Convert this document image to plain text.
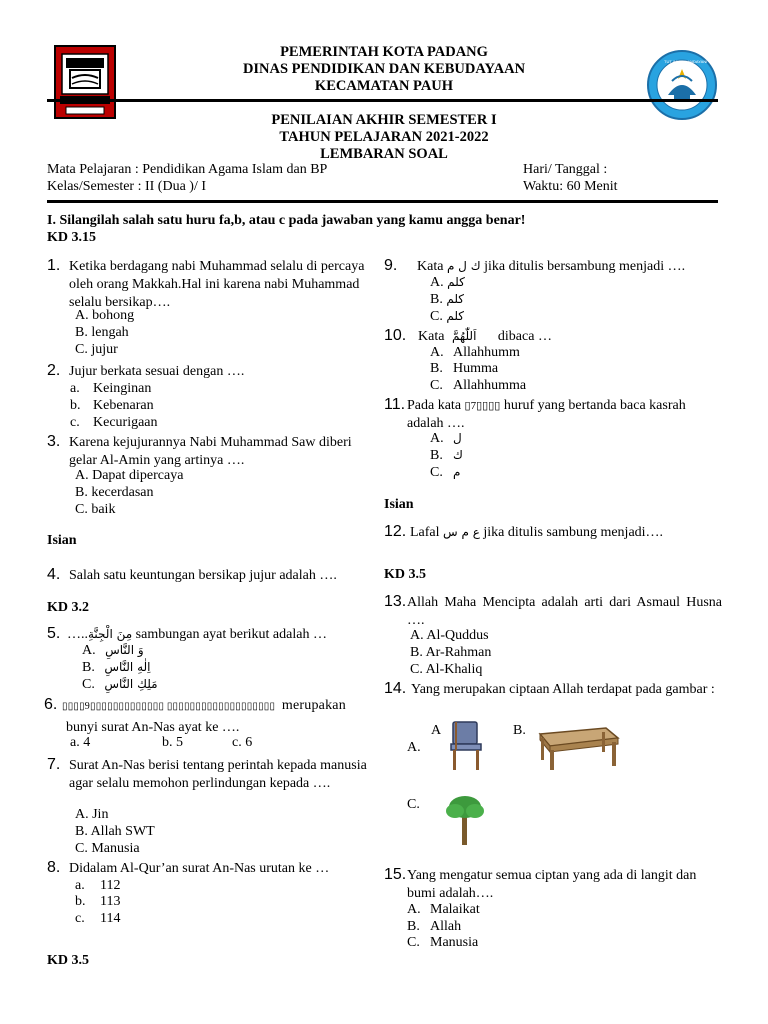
TUT WURI HANDAYANI
PEMERINTAH KOTA PADANG
DINAS PENDIDIKAN DAN KEBUDAYAAN
KECAMATAN PAUH
PENILAIAN AKHIR SEMESTER I
TAHUN PELAJARAN 2021-2022
LEMBARAN SOAL
Mata Pelajaran : Pendidikan Agama Islam dan BP
Kelas/Semester : II (Dua )/ I
Hari/ Tanggal :
Waktu: 60 Menit
I. Silangilah salah satu huru fa,b, atau c pada jawaban yang kamu angga benar!
KD 3.15
1. Ketika berdagang nabi Muhammad selalu di percaya oleh orang Makkah.Hal ini karena nabi Muhammad selalu bersikap….
A. bohong
B. lengah
C. jujur
2. Jujur berkata sesuai dengan ….
a. Keinginan
b. Kebenaran
c. Kecurigaan
3. Karena kejujurannya Nabi Muhammad Saw diberi gelar Al-Amin yang artinya ….
A. Dapat dipercaya
B. kecerdasan
C. baik
Isian
4. Salah satu keuntungan bersikap jujur adalah ….
KD 3.2
5. …..مِنَ الْجِنَّةِ sambungan ayat berikut adalah …
A. وَ النَّاسِ
B. اِلٰهِ النَّاسِ
C. مَلِكِ النَّاسِ
6. ▯▯▯▯9▯▯▯▯▯▯▯▯▯▯▯▯▯ ▯▯▯▯▯▯▯▯▯▯▯▯▯▯▯▯▯▯▯ merupakan
bunyi surat An-Nas ayat ke ….
a. 4	b. 5	c. 6
7. Surat An-Nas berisi tentang perintah kepada manusia agar selalu memohon perlindungan kepada ….
A. Jin
B. Allah SWT
C. Manusia
8. Didalam Al-Qur’an surat An-Nas urutan ke …
a. 112
b. 113
c. 114
KD 3.5
9. Kata ك ل م jika ditulis bersambung menjadi ….
A. كلم
B. كلم
C. كلم
10. Kata اَللّٰهُمَّ dibaca …
A. Allahhumm
B. Humma
C. Allahhumma
11. Pada kata ▯7▯▯▯▯ huruf yang bertanda baca kasrah adalah ….
A. ل
B. ك
C. م
Isian
12. Lafal ع م س jika ditulis sambung menjadi….
KD 3.5
13. Allah Maha Mencipta adalah arti dari Asmaul Husna ….
A. Al-Quddus
B. Ar-Rahman
C. Al-Khaliq
14. Yang merupakan ciptaan Allah terdapat pada gambar :
A
A.
B.
C.
15. Yang mengatur semua ciptan yang ada di langit dan bumi adalah….
A. Malaikat
B. Allah
C. Manusia
